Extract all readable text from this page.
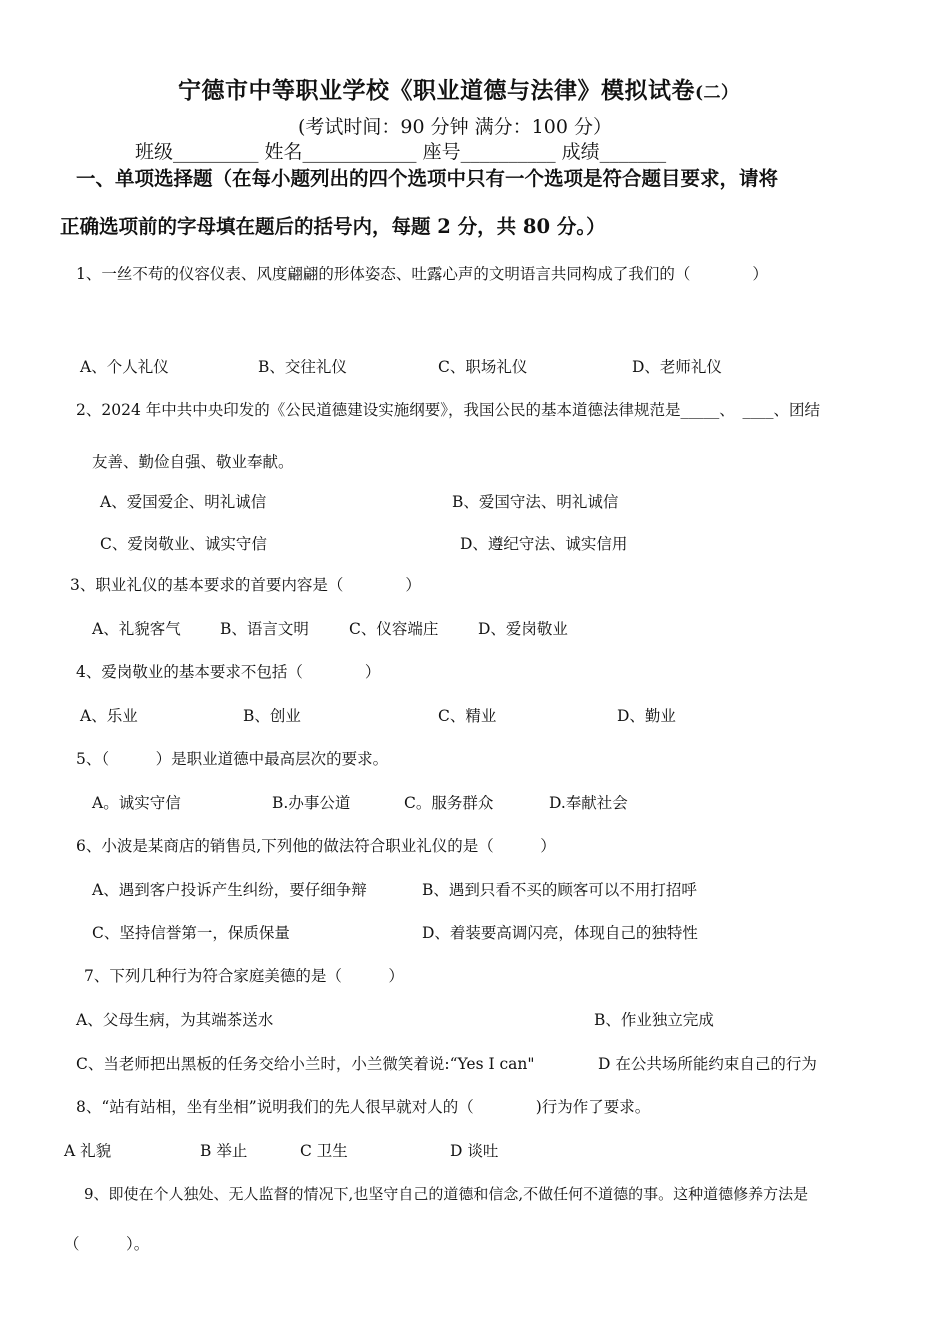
宁德市中等职业学校《职业道德与法律》模拟试卷(二）
(考试时间：90 分钟 满分：100 分）
班级_________ 姓名____________ 座号__________ 成绩_______
一、单项选择题（在每小题列出的四个选项中只有一个选项是符合题目要求，请将
正确选项前的字母填在题后的括号内，每题 2 分，共 80 分。）
1、一丝不苟的仪容仪表、风度翩翩的形体姿态、吐露心声的文明语言共同构成了我们的（　　　　）
A、个人礼仪	B、交往礼仪	C、职场礼仪	D、老师礼仪
2、2024 年中共中央印发的《公民道德建设实施纲要》，我国公民的基本道德法律规范是_____、　____、团结
友善、勤俭自强、敬业奉献。
A、爱国爱企、明礼诚信	B、爱国守法、明礼诚信
C、爱岗敬业、诚实守信	D、遵纪守法、诚实信用
3、职业礼仪的基本要求的首要内容是（　　　　）
A、礼貌客气	B、语言文明	C、仪容端庄	D、爱岗敬业
4、爱岗敬业的基本要求不包括（　　　　）
A、乐业	B、创业	C、精业	D、勤业
5、（　　　）是职业道德中最高层次的要求。
A。诚实守信	B.办事公道	C。服务群众	D.奉献社会
6、小波是某商店的销售员,下列他的做法符合职业礼仪的是（　　　）
A、遇到客户投诉产生纠纷，要仔细争辩	B、遇到只看不买的顾客可以不用打招呼
C、坚持信誉第一，保质保量	D、着装要高调闪亮，体现自己的独特性
7、下列几种行为符合家庭美德的是（　　　）
A、父母生病，为其端茶送水	B、作业独立完成
C、当老师把出黑板的任务交给小兰时，小兰微笑着说:“Yes I can"	D 在公共场所能约束自己的行为
8、“站有站相，坐有坐相”说明我们的先人很早就对人的（　　　　)行为作了要求。
A 礼貌	B 举止	C 卫生	D 谈吐
9、即使在个人独处、无人监督的情况下,也坚守自己的道德和信念,不做任何不道德的事。这种道德修养方法是
（　　　）。
